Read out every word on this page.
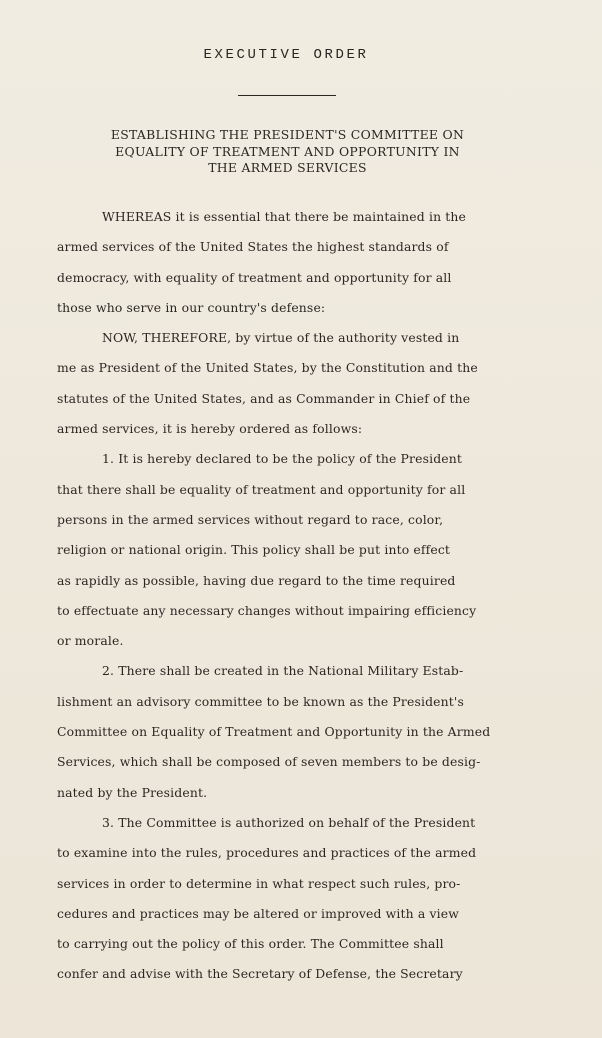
EXECUTIVE ORDER
ESTABLISHING THE PRESIDENT'S COMMITTEE ON
EQUALITY OF TREATMENT AND OPPORTUNITY IN
THE ARMED SERVICES
WHEREAS it is essential that there be maintained in the
armed services of the United States the highest standards of
democracy, with equality of treatment and opportunity for all
those who serve in our country's defense:
NOW, THEREFORE, by virtue of the authority vested in
me as President of the United States, by the Constitution and the
statutes of the United States, and as Commander in Chief of the
armed services, it is hereby ordered as follows:
1. It is hereby declared to be the policy of the President
that there shall be equality of treatment and opportunity for all
persons in the armed services without regard to race, color,
religion or national origin. This policy shall be put into effect
as rapidly as possible, having due regard to the time required
to effectuate any necessary changes without impairing efficiency
or morale.
2. There shall be created in the National Military Estab-
lishment an advisory committee to be known as the President's
Committee on Equality of Treatment and Opportunity in the Armed
Services, which shall be composed of seven members to be desig-
nated by the President.
3. The Committee is authorized on behalf of the President
to examine into the rules, procedures and practices of the armed
services in order to determine in what respect such rules, pro-
cedures and practices may be altered or improved with a view
to carrying out the policy of this order. The Committee shall
confer and advise with the Secretary of Defense, the Secretary
